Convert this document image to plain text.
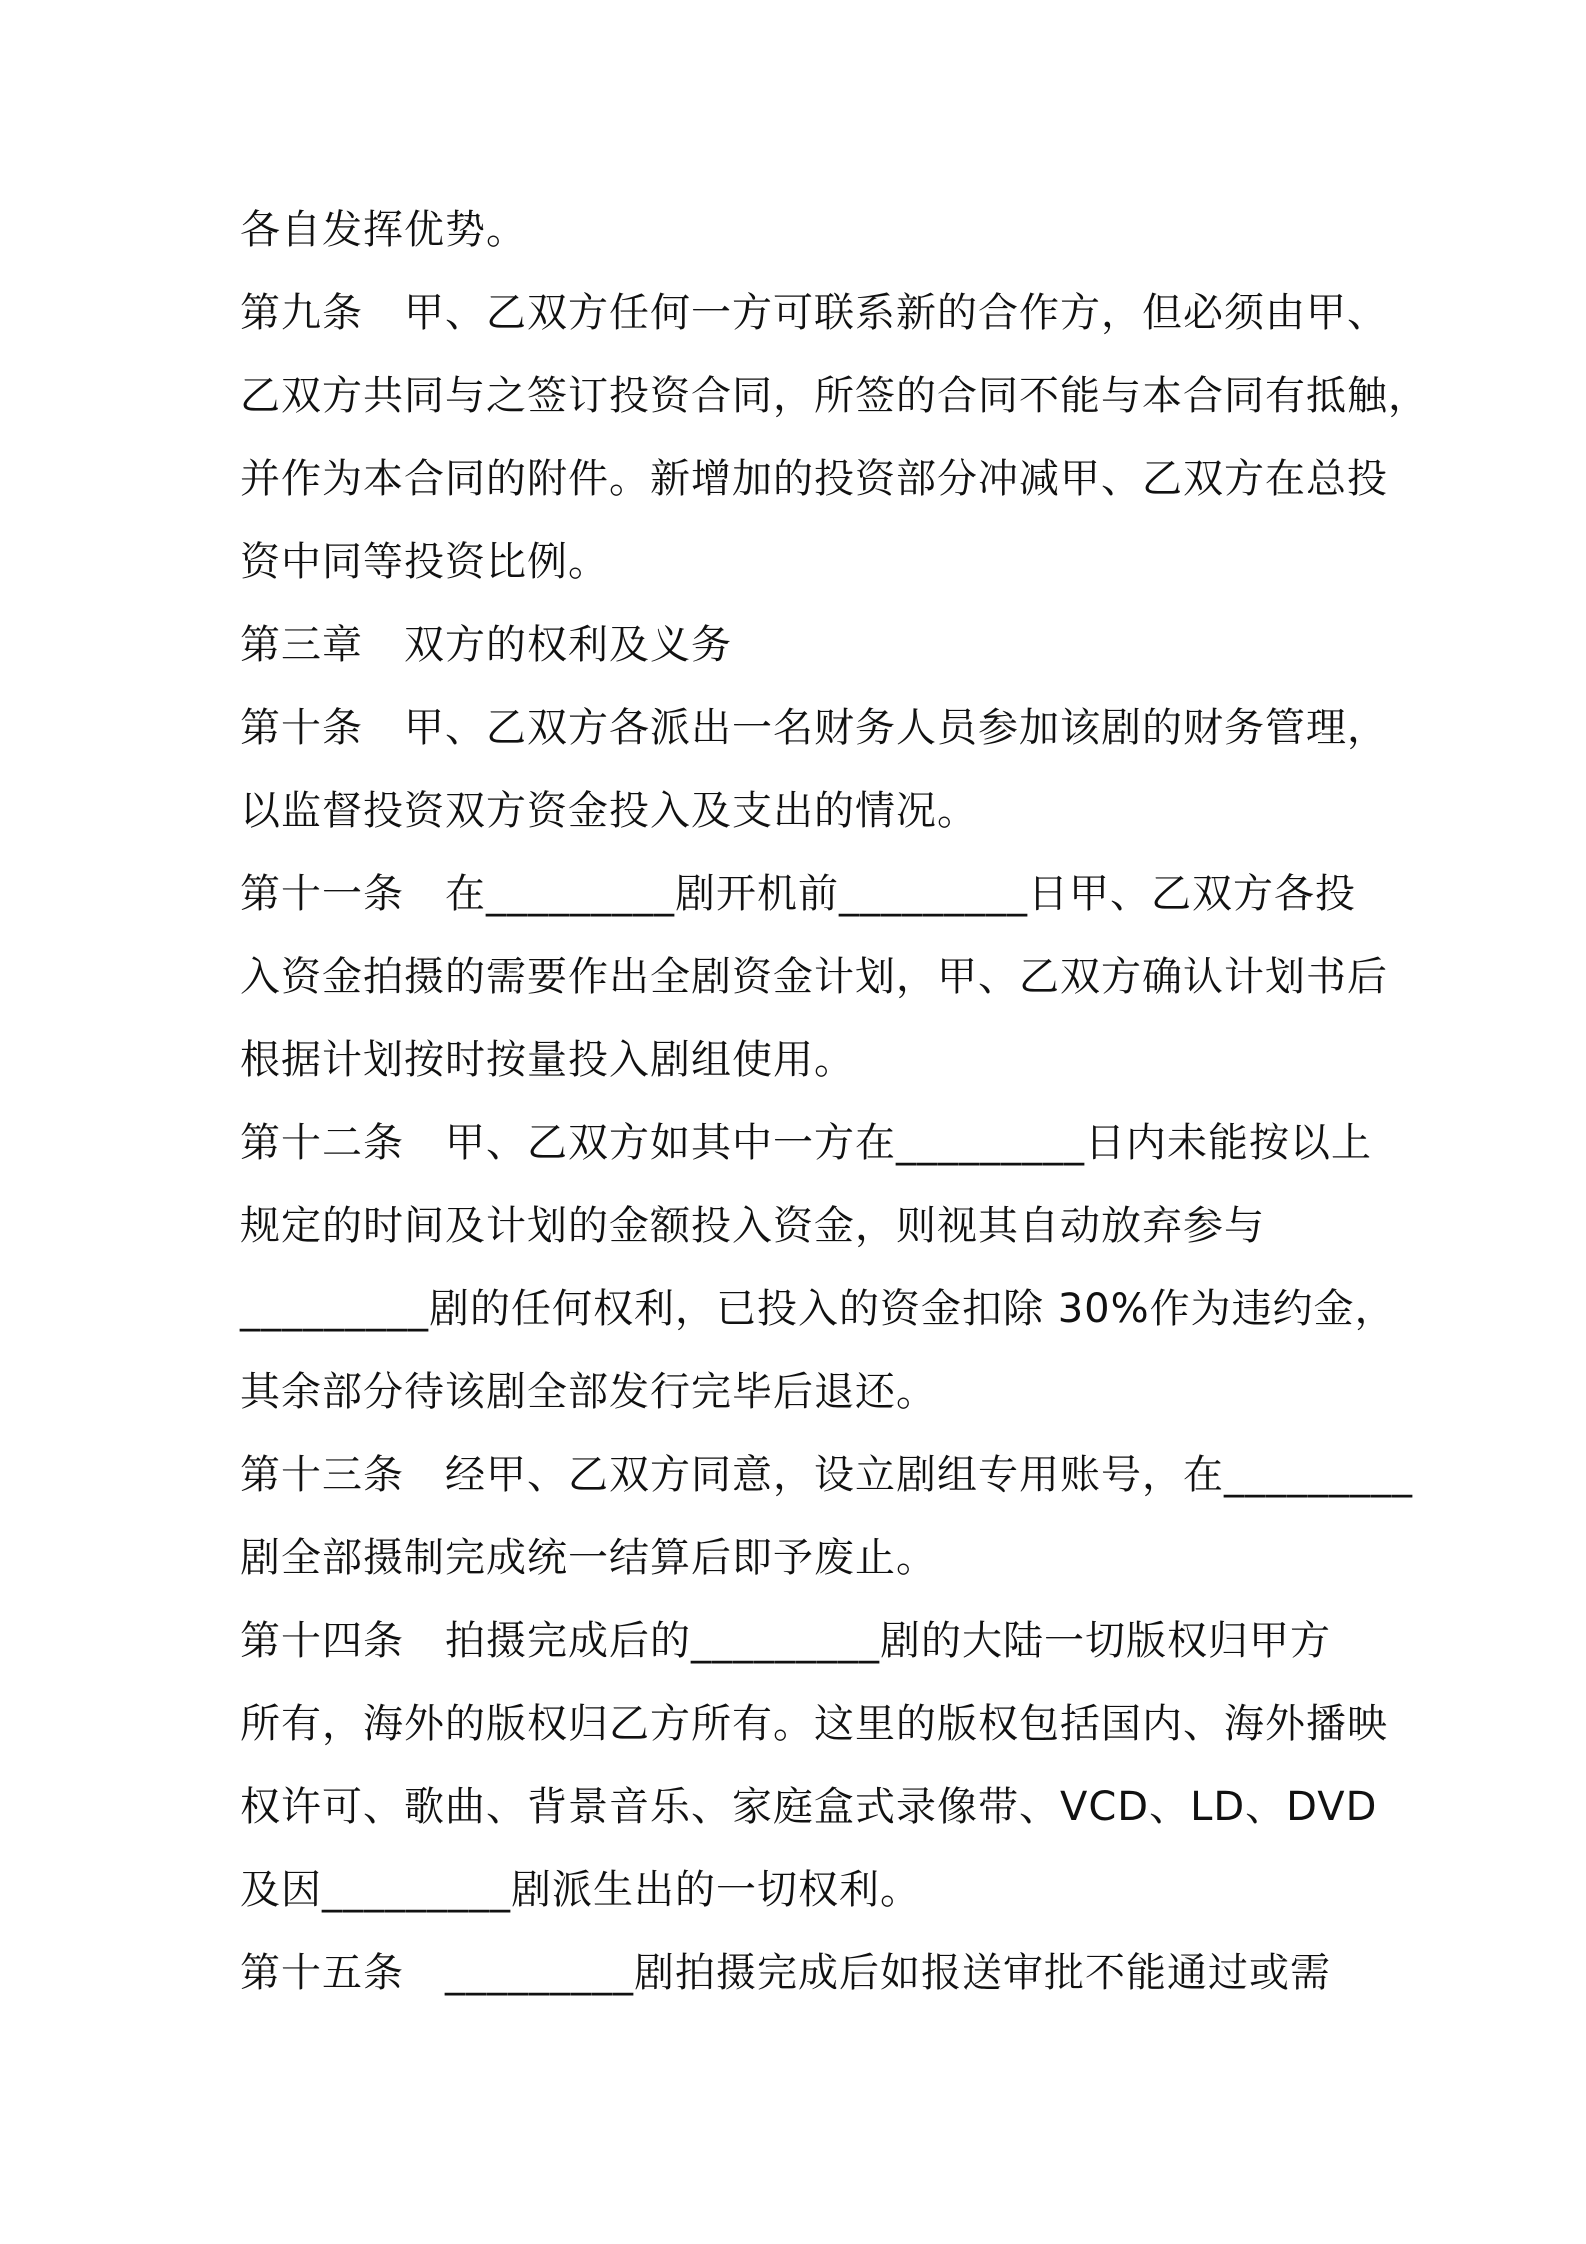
各自发挥优势。
第九条　甲、乙双方任何一方可联系新的合作方，但必须由甲、
乙双方共同与之签订投资合同，所签的合同不能与本合同有抵触，
并作为本合同的附件。新增加的投资部分冲减甲、乙双方在总投
资中同等投资比例。
第三章　双方的权利及义务
第十条　甲、乙双方各派出一名财务人员参加该剧的财务管理，
以监督投资双方资金投入及支出的情况。
第十一条　在_________剧开机前_________日甲、乙双方各投
入资金拍摄的需要作出全剧资金计划，甲、乙双方确认计划书后
根据计划按时按量投入剧组使用。
第十二条　甲、乙双方如其中一方在_________日内未能按以上
规定的时间及计划的金额投入资金，则视其自动放弃参与
_________剧的任何权利，已投入的资金扣除 30%作为违约金，
其余部分待该剧全部发行完毕后退还。
第十三条　经甲、乙双方同意，设立剧组专用账号，在_________
剧全部摄制完成统一结算后即予废止。
第十四条　拍摄完成后的_________剧的大陆一切版权归甲方
所有，海外的版权归乙方所有。这里的版权包括国内、海外播映
权许可、歌曲、背景音乐、家庭盒式录像带、VCD、LD、DVD
及因_________剧派生出的一切权利。
第十五条　_________剧拍摄完成后如报送审批不能通过或需
